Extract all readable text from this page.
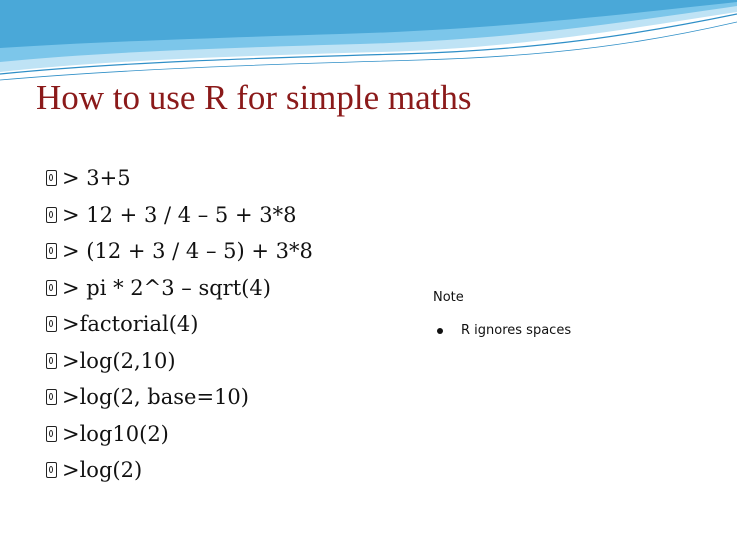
How to use R for simple maths
> 3+5
> 12 + 3 / 4 – 5 + 3*8
> (12 + 3 / 4 – 5) + 3*8
> pi * 2^3 – sqrt(4)
>factorial(4)
>log(2,10)
>log(2, base=10)
>log10(2)
>log(2)
Note
R ignores spaces
